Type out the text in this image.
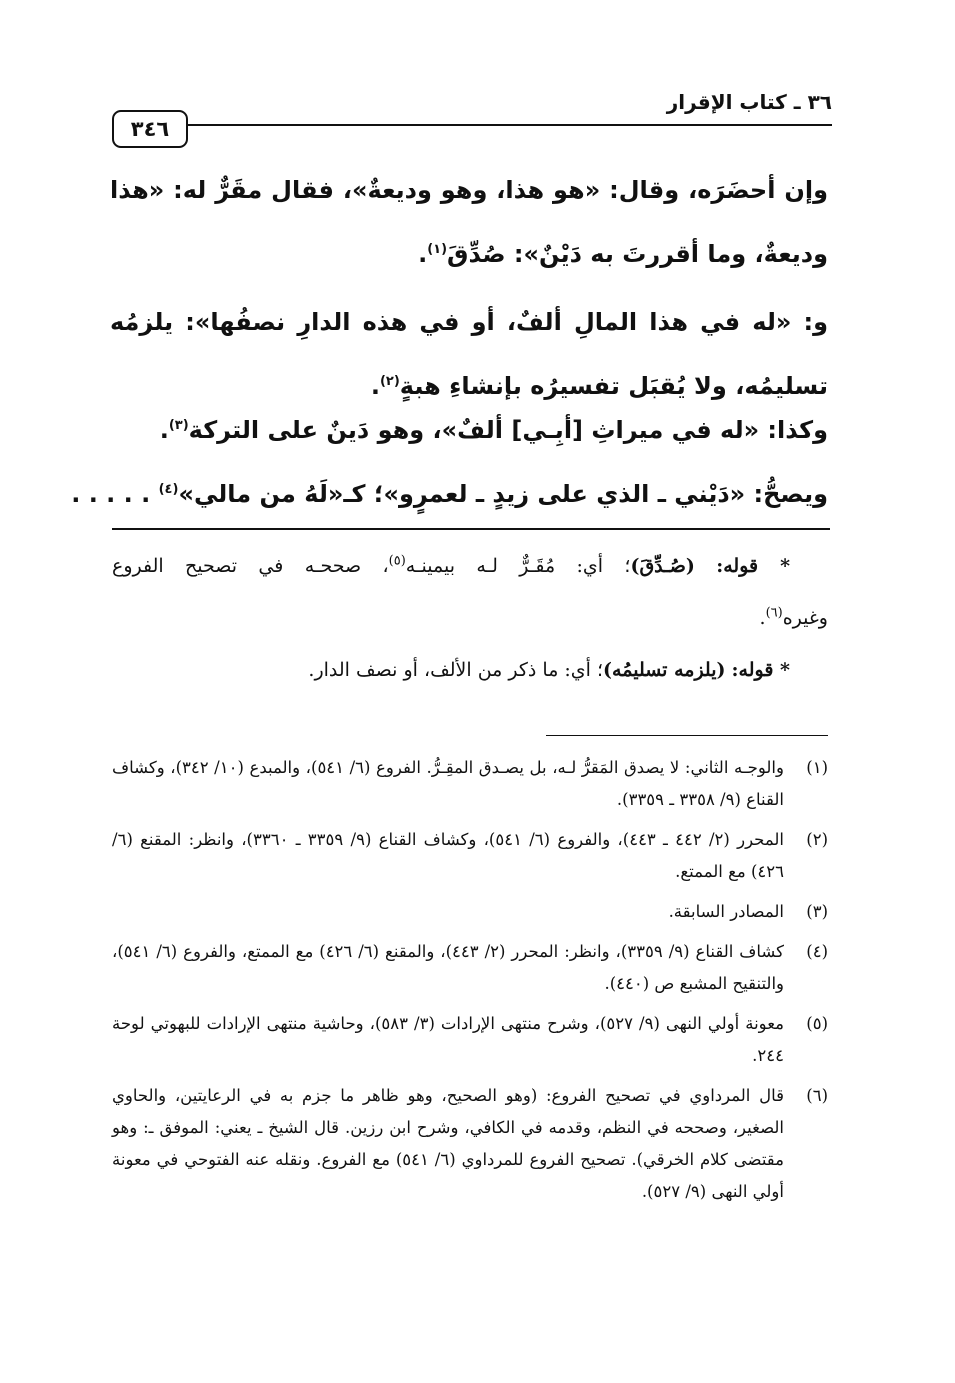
٣٤٦
٣٦ ـ كتاب الإقرار
وإن أحضَرَه، وقال: «هو هذا، وهو وديعةٌ»، فقال مقَرٌّ له: «هذا وديعةٌ، وما أقررتَ به دَيْنٌ»: صُدِّقَ$^{(١)}$.
و: «له في هذا المالِ ألفٌ، أو في هذه الدارِ نصفُها»: يلزمُه تسليمُه، ولا يُقبَل تفسيرُه بإنشاءِ هبةٍ$^{(٢)}$.
وكذا: «له في ميراثِ [أبِـي] ألفٌ»، وهو دَينٌ على التركة$^{(٣)}$.
ويصحُّ: «دَيْني ـ الذي على زيدٍ ـ لعمرٍو»؛ كـ«لَهُ من مالي»$^{(٤)}$ . . . . .
* قوله: (صُـدِّقَ)؛ أي: مُقَـرٌّ لـه بيمينـه$^{(٥)}$، صححـه في تصحيح الفروع
وغيره$^{(٦)}$.
* قوله: (يلزمه تسليمُه)؛ أي: ما ذكر من الألف، أو نصف الدار.
(١)
والوجـه الثاني: لا يصدق المَقرُّ لـه، بل يصـدق المقِـرُّ. الفروع (٦/ ٥٤١)، والمبدع (١٠/ ٣٤٢)، وكشاف القناع (٩/ ٣٣٥٨ ـ ٣٣٥٩).
(٢)
المحرر (٢/ ٤٤٢ ـ ٤٤٣)، والفروع (٦/ ٥٤١)، وكشاف القناع (٩/ ٣٣٥٩ ـ ٣٣٦٠)، وانظر: المقنع (٦/ ٤٢٦) مع الممتع.
(٣)
المصادر السابقة.
(٤)
كشاف القناع (٩/ ٣٣٥٩)، وانظر: المحرر (٢/ ٤٤٣)، والمقنع (٦/ ٤٢٦) مع الممتع، والفروع (٦/ ٥٤١)، والتنقيح المشبع ص (٤٤٠).
(٥)
معونة أولي النهى (٩/ ٥٢٧)، وشرح منتهى الإرادات (٣/ ٥٨٣)، وحاشية منتهى الإرادات للبهوتي لوحة ٢٤٤.
(٦)
قال المرداوي في تصحيح الفروع: (وهو الصحيح، وهو ظاهر ما جزم به في الرعايتين، والحاوي الصغير، وصححه في النظم، وقدمه في الكافي، وشرح ابن رزين. قال الشيخ ـ يعني: الموفق ـ: وهو مقتضى كلام الخرقي). تصحيح الفروع للمرداوي (٦/ ٥٤١) مع الفروع. ونقله عنه الفتوحي في معونة أولي النهى (٩/ ٥٢٧).
